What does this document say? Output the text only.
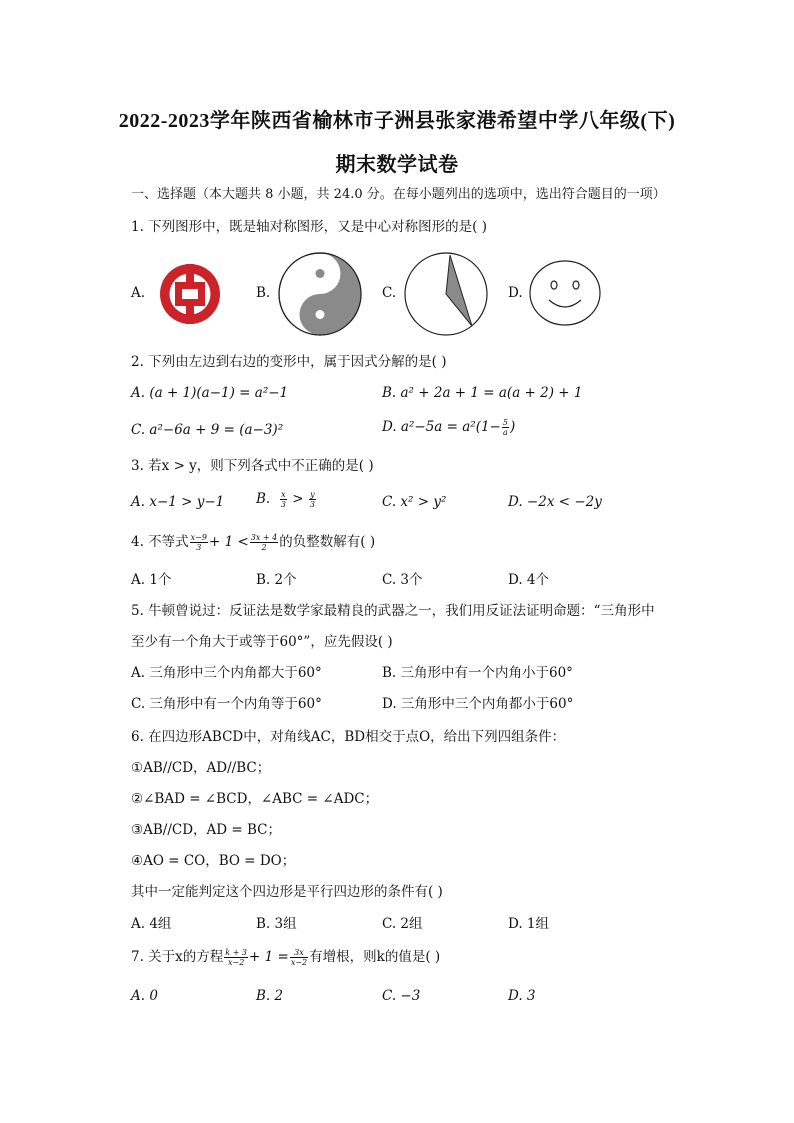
2022-2023学年陕西省榆林市子洲县张家港希望中学八年级(下)
期末数学试卷
一、选择题（本大题共 8 小题，共 24.0 分。在每小题列出的选项中，选出符合题目的一项）
1. 下列图形中，既是轴对称图形，又是中心对称图形的是( )
A.	B.	C.	D.
2. 下列由左边到右边的变形中，属于因式分解的是( )
A. (a + 1)(a−1) = a²−1	B. a² + 2a + 1 = a(a + 2) + 1
C. a²−6a + 9 = (a−3)²	D. $a^2-5a = a^2(1- \frac{5}{a}$ )
3. 若x > y，则下列各式中不正确的是( )
A. x−1 > y−1 B. $\frac{x}{3} > \frac{y}{3}$	C. x² > y²	D. −2x < −2y
4. 不等式 $\frac{x-9}{3} + 1 < \frac{3x + 4}{2}$ 的负整数解有( )
A. 1个	B. 2个	C. 3个	D. 4个
5. 牛顿曾说过：反证法是数学家最精良的武器之一，我们用反证法证明命题：“三角形中
至少有一个角大于或等于60°”，应先假设( )
A. 三角形中三个内角都大于60°	B. 三角形中有一个内角小于60°
C. 三角形中有一个内角等于60°	D. 三角形中三个内角都小于60°
6. 在四边形ABCD中，对角线AC，BD相交于点O，给出下列四组条件：
①AB//CD，AD//BC；
②∠BAD = ∠BCD，∠ABC = ∠ADC；
③AB//CD，AD = BC；
④AO = CO，BO = DO；
其中一定能判定这个四边形是平行四边形的条件有( )
A. 4组	B. 3组	C. 2组	D. 1组
7. 关于x的方程 $\frac{k + 3}{x-2} + 1 = \frac{3x}{x-2}$ 有增根，则k的值是( )
A. 0	B. 2	C. −3	D. 3
